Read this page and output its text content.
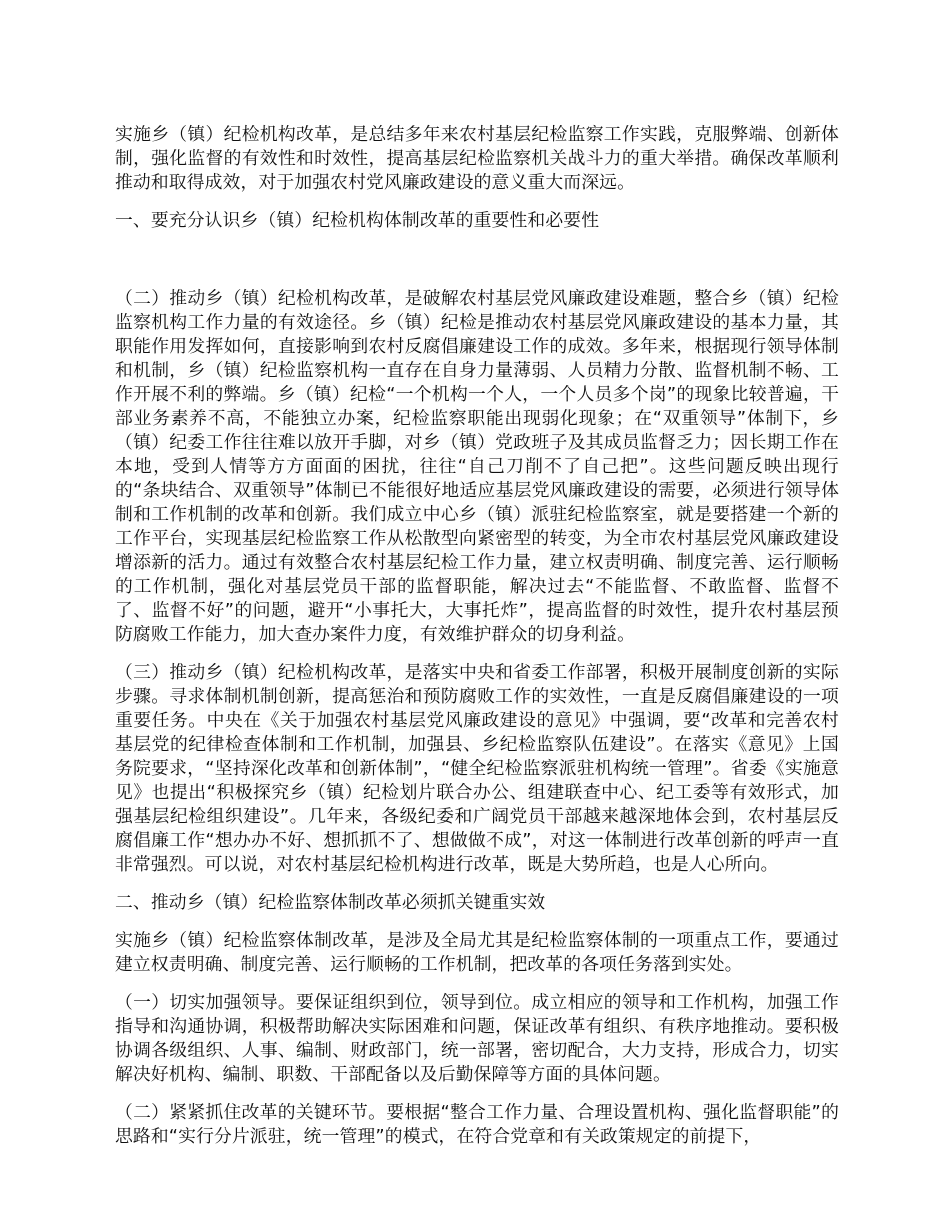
实施乡（镇）纪检机构改革，是总结多年来农村基层纪检监察工作实践，克服弊端、创新体制，强化监督的有效性和时效性，提高基层纪检监察机关战斗力的重大举措。确保改革顺利推动和取得成效，对于加强农村党风廉政建设的意义重大而深远。

一、要充分认识乡（镇）纪检机构体制改革的重要性和必要性

（二）推动乡（镇）纪检机构改革，是破解农村基层党风廉政建设难题，整合乡（镇）纪检监察机构工作力量的有效途径。乡（镇）纪检是推动农村基层党风廉政建设的基本力量，其职能作用发挥如何，直接影响到农村反腐倡廉建设工作的成效。多年来，根据现行领导体制和机制，乡（镇）纪检监察机构一直存在自身力量薄弱、人员精力分散、监督机制不畅、工作开展不利的弊端。乡（镇）纪检“一个机构一个人，一个人员多个岗”的现象比较普遍，干部业务素养不高，不能独立办案，纪检监察职能出现弱化现象；在“双重领导”体制下，乡（镇）纪委工作往往难以放开手脚，对乡（镇）党政班子及其成员监督乏力；因长期工作在本地，受到人情等方方面面的困扰，往往“自己刀削不了自己把”。这些问题反映出现行的“条块结合、双重领导”体制已不能很好地适应基层党风廉政建设的需要，必须进行领导体制和工作机制的改革和创新。我们成立中心乡（镇）派驻纪检监察室，就是要搭建一个新的工作平台，实现基层纪检监察工作从松散型向紧密型的转变，为全市农村基层党风廉政建设增添新的活力。通过有效整合农村基层纪检工作力量，建立权责明确、制度完善、运行顺畅的工作机制，强化对基层党员干部的监督职能，解决过去“不能监督、不敢监督、监督不了、监督不好”的问题，避开“小事托大，大事托炸”，提高监督的时效性，提升农村基层预防腐败工作能力，加大查办案件力度，有效维护群众的切身利益。

（三）推动乡（镇）纪检机构改革，是落实中央和省委工作部署，积极开展制度创新的实际步骤。寻求体制机制创新，提高惩治和预防腐败工作的实效性，一直是反腐倡廉建设的一项重要任务。中央在《关于加强农村基层党风廉政建设的意见》中强调，要“改革和完善农村基层党的纪律检查体制和工作机制，加强县、乡纪检监察队伍建设”。在落实《意见》上国务院要求，“坚持深化改革和创新体制”，“健全纪检监察派驻机构统一管理”。省委《实施意见》也提出“积极探究乡（镇）纪检划片联合办公、组建联查中心、纪工委等有效形式，加强基层纪检组织建设”。几年来，各级纪委和广阔党员干部越来越深地体会到，农村基层反腐倡廉工作“想办办不好、想抓抓不了、想做做不成”，对这一体制进行改革创新的呼声一直非常强烈。可以说，对农村基层纪检机构进行改革，既是大势所趋，也是人心所向。

二、推动乡（镇）纪检监察体制改革必须抓关键重实效

实施乡（镇）纪检监察体制改革，是涉及全局尤其是纪检监察体制的一项重点工作，要通过建立权责明确、制度完善、运行顺畅的工作机制，把改革的各项任务落到实处。

（一）切实加强领导。要保证组织到位，领导到位。成立相应的领导和工作机构，加强工作指导和沟通协调，积极帮助解决实际困难和问题，保证改革有组织、有秩序地推动。要积极协调各级组织、人事、编制、财政部门，统一部署，密切配合，大力支持，形成合力，切实解决好机构、编制、职数、干部配备以及后勤保障等方面的具体问题。

（二）紧紧抓住改革的关键环节。要根据“整合工作力量、合理设置机构、强化监督职能”的思路和“实行分片派驻，统一管理”的模式，在符合党章和有关政策规定的前提下，
